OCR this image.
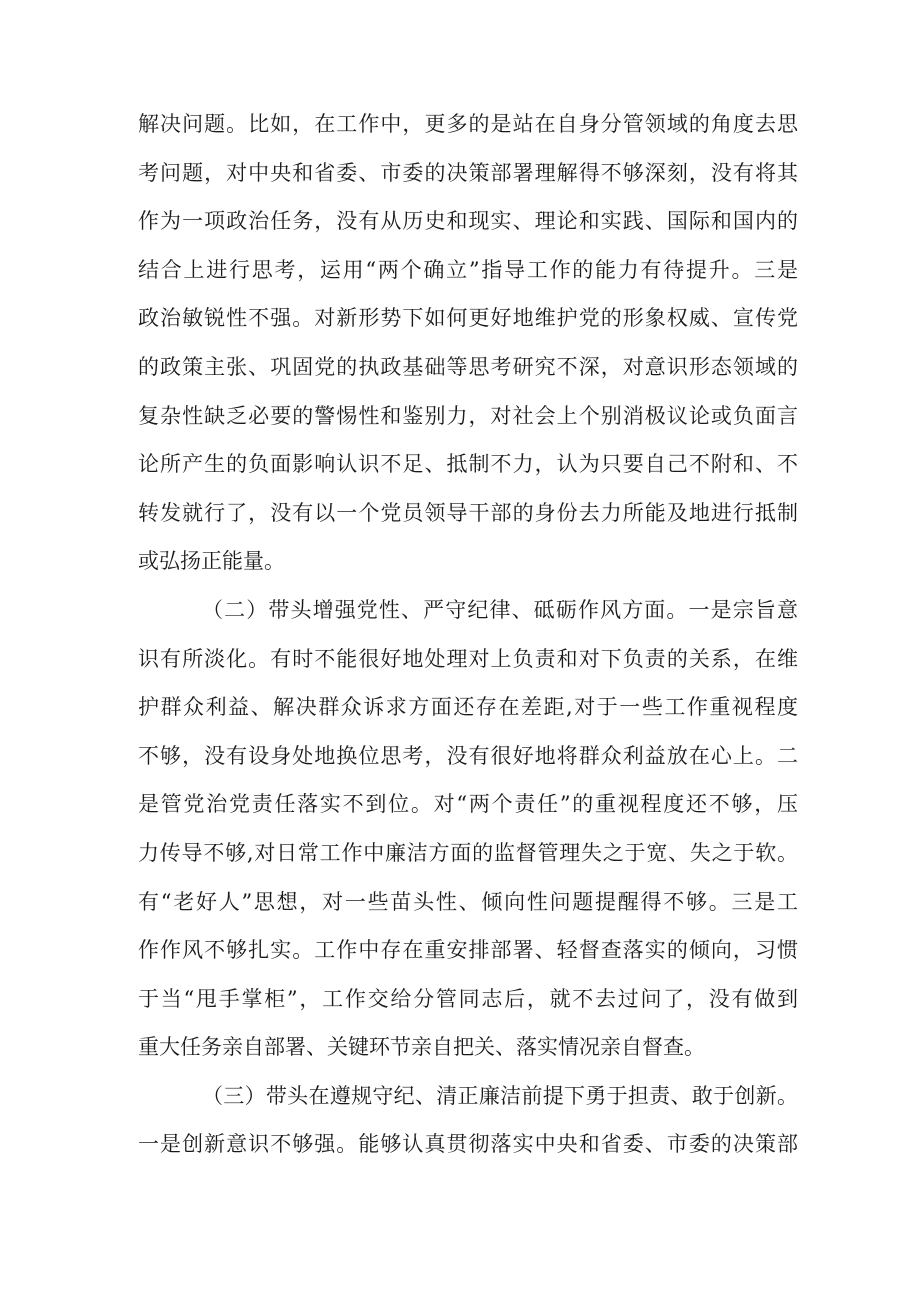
解决问题。比如，在工作中，更多的是站在自身分管领域的角度去思
考问题，对中央和省委、市委的决策部署理解得不够深刻，没有将其
作为一项政治任务，没有从历史和现实、理论和实践、国际和国内的
结合上进行思考，运用“两个确立”指导工作的能力有待提升。三是
政治敏锐性不强。对新形势下如何更好地维护党的形象权威、宣传党
的政策主张、巩固党的执政基础等思考研究不深，对意识形态领域的
复杂性缺乏必要的警惕性和鉴别力，对社会上个别消极议论或负面言
论所产生的负面影响认识不足、抵制不力，认为只要自己不附和、不
转发就行了，没有以一个党员领导干部的身份去力所能及地进行抵制
或弘扬正能量。
（二）带头增强党性、严守纪律、砥砺作风方面。一是宗旨意
识有所淡化。有时不能很好地处理对上负责和对下负责的关系，在维
护群众利益、解决群众诉求方面还存在差距,对于一些工作重视程度
不够，没有设身处地换位思考，没有很好地将群众利益放在心上。二
是管党治党责任落实不到位。对“两个责任”的重视程度还不够，压
力传导不够,对日常工作中廉洁方面的监督管理失之于宽、失之于软。
有“老好人”思想，对一些苗头性、倾向性问题提醒得不够。三是工
作作风不够扎实。工作中存在重安排部署、轻督查落实的倾向，习惯
于当“甩手掌柜”，工作交给分管同志后，就不去过问了，没有做到
重大任务亲自部署、关键环节亲自把关、落实情况亲自督查。
（三）带头在遵规守纪、清正廉洁前提下勇于担责、敢于创新。
一是创新意识不够强。能够认真贯彻落实中央和省委、市委的决策部
